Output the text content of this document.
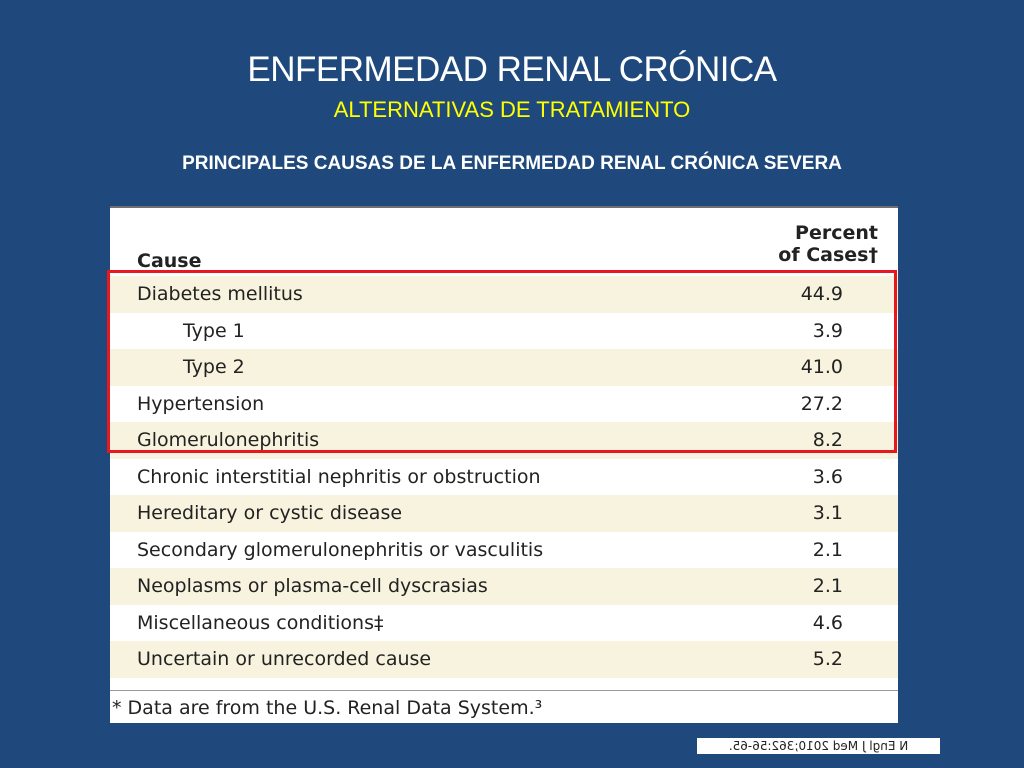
ENFERMEDAD RENAL CRÓNICA
ALTERNATIVAS DE TRATAMIENTO
PRINCIPALES CAUSAS DE LA ENFERMEDAD RENAL CRÓNICA SEVERA
Cause
Percent
of Cases†
Diabetes mellitus	44.9
Type 1	3.9
Type 2	41.0
Hypertension	27.2
Glomerulonephritis	8.2
Chronic interstitial nephritis or obstruction	3.6
Hereditary or cystic disease	3.1
Secondary glomerulonephritis or vasculitis	2.1
Neoplasms or plasma-cell dyscrasias	2.1
Miscellaneous conditions‡	4.6
Uncertain or unrecorded cause	5.2
* Data are from the U.S. Renal Data System.³
N Engl J Med 2010;362:56-65.
